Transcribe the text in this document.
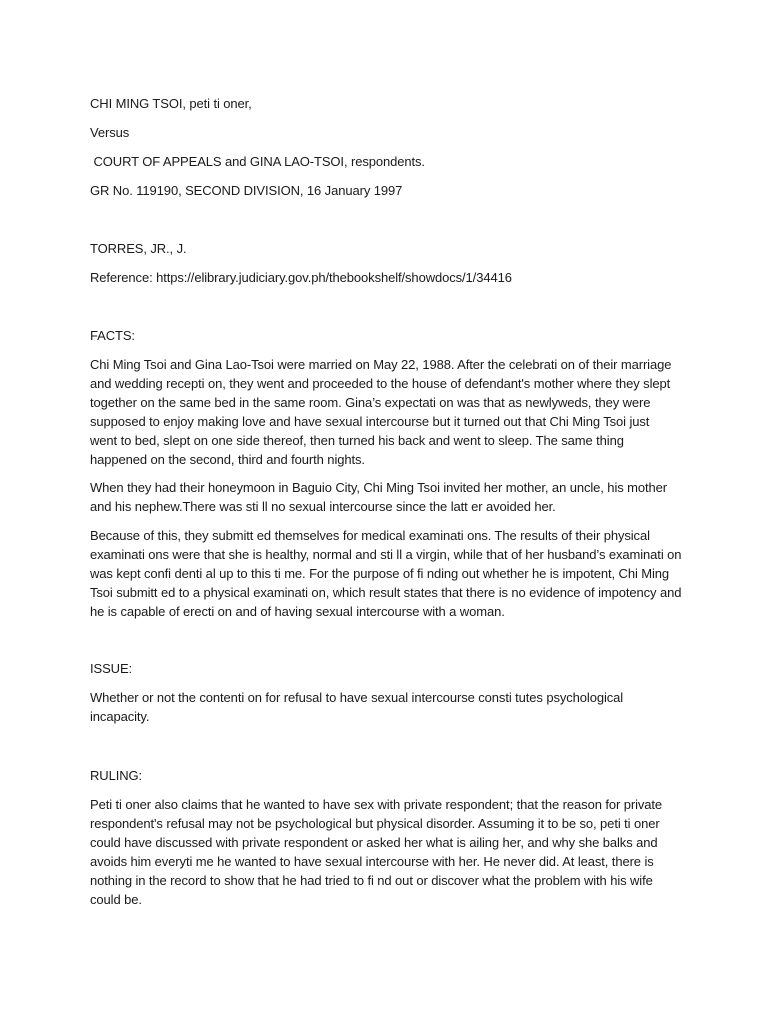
CHI MING TSOI, peti ti oner,

Versus

COURT OF APPEALS and GINA LAO-TSOI, respondents.

GR No. 119190, SECOND DIVISION, 16 January 1997

TORRES, JR., J.

Reference: https://elibrary.judiciary.gov.ph/thebookshelf/showdocs/1/34416

FACTS:

Chi Ming Tsoi and Gina Lao-Tsoi were married on May 22, 1988. After the celebrati on of their marriage
and wedding recepti on, they went and proceeded to the house of defendant's mother where they slept
together on the same bed in the same room. Gina’s expectati on was that as newlyweds, they were
supposed to enjoy making love and have sexual intercourse but it turned out that Chi Ming Tsoi just
went to bed, slept on one side thereof, then turned his back and went to sleep. The same thing
happened on the second, third and fourth nights.
When they had their honeymoon in Baguio City, Chi Ming Tsoi invited her mother, an uncle, his mother
and his nephew.There was sti ll no sexual intercourse since the latt er avoided her.
Because of this, they submitt ed themselves for medical examinati ons. The results of their physical
examinati ons were that she is healthy, normal and sti ll a virgin, while that of her husband’s examinati on
was kept confi denti al up to this ti me. For the purpose of fi nding out whether he is impotent, Chi Ming
Tsoi submitt ed to a physical examinati on, which result states that there is no evidence of impotency and
he is capable of erecti on and of having sexual intercourse with a woman.

ISSUE:

Whether or not the contenti on for refusal to have sexual intercourse consti tutes psychological
incapacity.

RULING:

Peti ti oner also claims that he wanted to have sex with private respondent; that the reason for private
respondent's refusal may not be psychological but physical disorder. Assuming it to be so, peti ti oner
could have discussed with private respondent or asked her what is ailing her, and why she balks and
avoids him everyti me he wanted to have sexual intercourse with her. He never did. At least, there is
nothing in the record to show that he had tried to fi nd out or discover what the problem with his wife
could be.
